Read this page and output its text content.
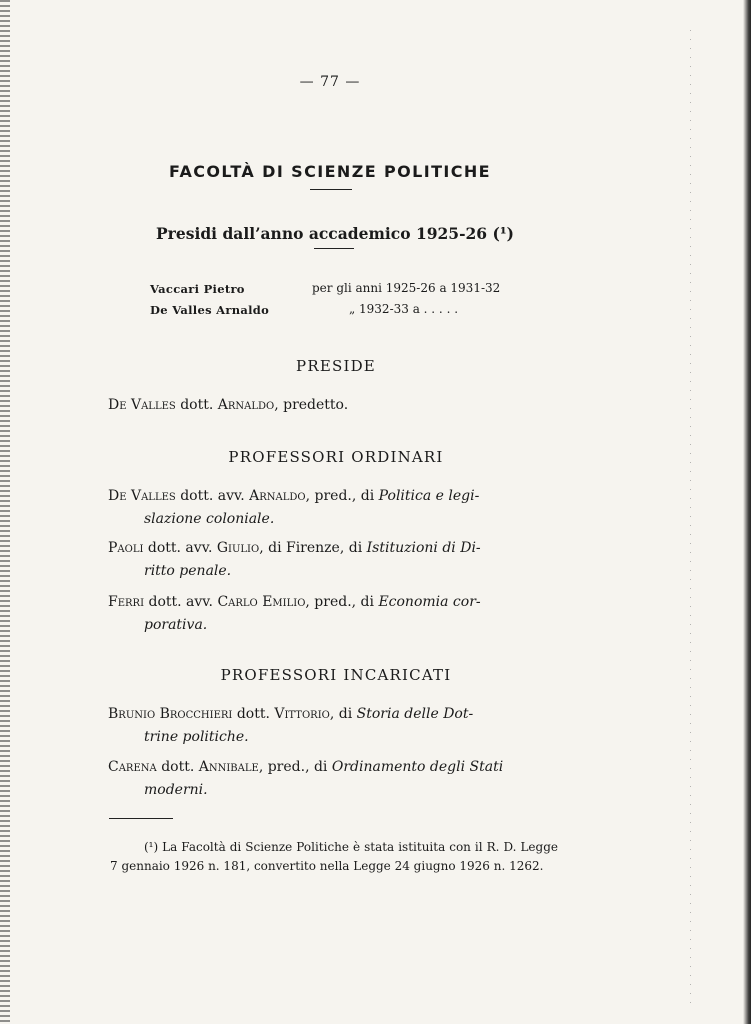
— 77 —
FACOLTÀ DI SCIENZE POLITICHE
Presidi dall’anno accademico 1925-26 (¹)
Vaccari Pietro	per gli anni 1925-26 a 1931-32
De Valles Arnaldo	„ 1932-33 a . . . . .
PRESIDE
De Valles dott. Arnaldo, predetto.
PROFESSORI ORDINARI
De Valles dott. avv. Arnaldo, pred., di Politica e legi-
slazione coloniale.
Paoli dott. avv. Giulio, di Firenze, di Istituzioni di Di-
ritto penale.
Ferri dott. avv. Carlo Emilio, pred., di Economia cor-
porativa.
PROFESSORI INCARICATI
Brunio Brocchieri dott. Vittorio, di Storia delle Dot-
trine politiche.
Carena dott. Annibale, pred., di Ordinamento degli Stati
moderni.
(¹) La Facoltà di Scienze Politiche è stata istituita con il R. D. Legge 7 gennaio 1926 n. 181, convertito nella Legge 24 giugno 1926 n. 1262.
